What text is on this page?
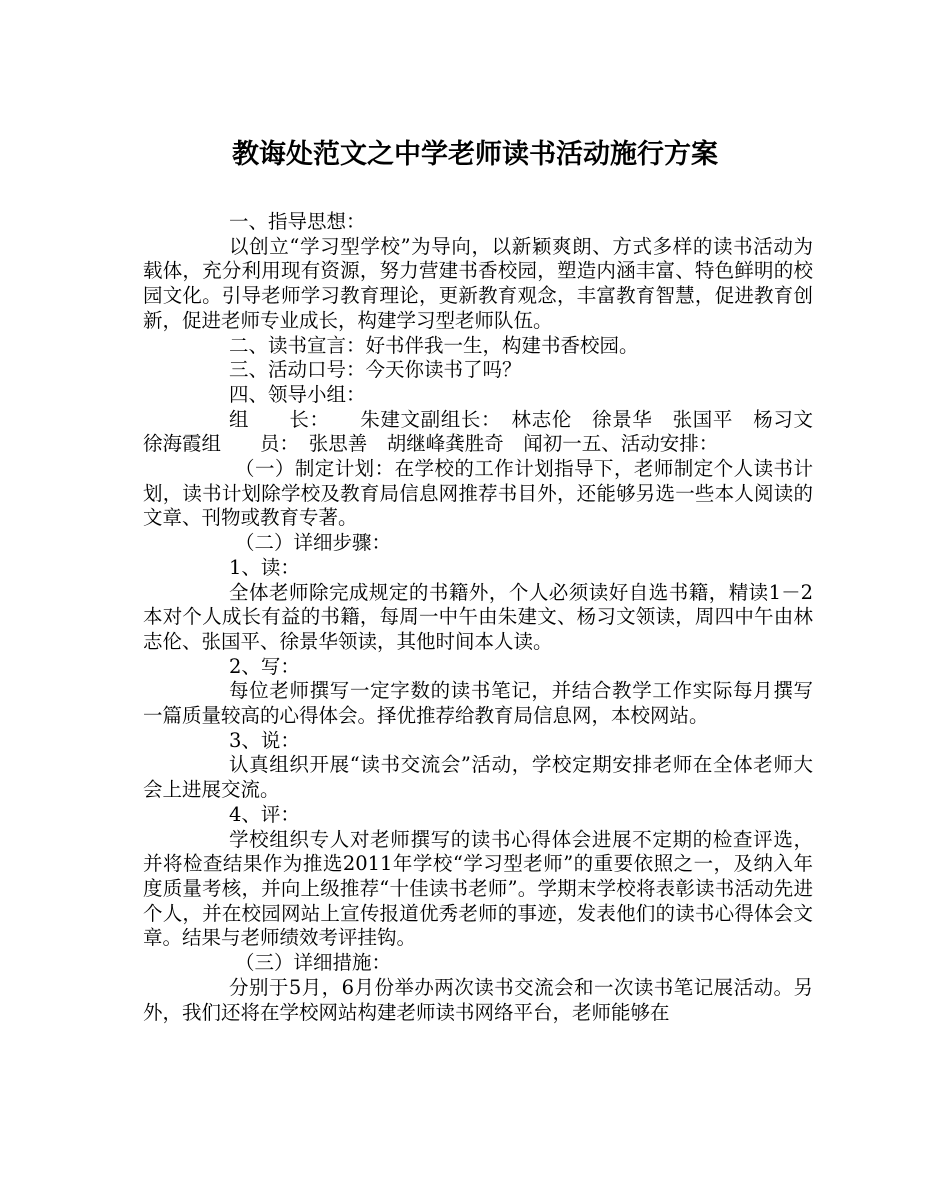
教诲处范文之中学老师读书活动施行方案

一、指导思想：

以创立“学习型学校”为导向，以新颖爽朗、方式多样的读书活动为载体，充分利用现有资源，努力营建书香校园，塑造内涵丰富、特色鲜明的校园文化。引导老师学习教育理论，更新教育观念，丰富教育智慧，促进教育创新，促进老师专业成长，构建学习型老师队伍。

二、读书宣言：好书伴我一生，构建书香校园。

三、活动口号：今天你读书了吗？

四、领导小组：

组　　长：　　朱建文副组长：　林志伦　徐景华　张国平　杨习文　徐海霞组　　员：　张思善　胡继峰龚胜奇　闻初一五、活动安排：

（一）制定计划：在学校的工作计划指导下，老师制定个人读书计划，读书计划除学校及教育局信息网推荐书目外，还能够另选一些本人阅读的文章、刊物或教育专著。

（二）详细步骤：

1、读：

全体老师除完成规定的书籍外，个人必须读好自选书籍，精读1－2本对个人成长有益的书籍，每周一中午由朱建文、杨习文领读，周四中午由林志伦、张国平、徐景华领读，其他时间本人读。

2、写：

每位老师撰写一定字数的读书笔记，并结合教学工作实际每月撰写一篇质量较高的心得体会。择优推荐给教育局信息网，本校网站。

3、说：

认真组织开展“读书交流会”活动，学校定期安排老师在全体老师大会上进展交流。

4、评：

学校组织专人对老师撰写的读书心得体会进展不定期的检查评选，并将检查结果作为推选2011年学校“学习型老师”的重要依照之一，及纳入年度质量考核，并向上级推荐“十佳读书老师”。学期末学校将表彰读书活动先进个人，并在校园网站上宣传报道优秀老师的事迹，发表他们的读书心得体会文章。结果与老师绩效考评挂钩。

（三）详细措施：

分别于5月，6月份举办两次读书交流会和一次读书笔记展活动。另外，我们还将在学校网站构建老师读书网络平台，老师能够在
